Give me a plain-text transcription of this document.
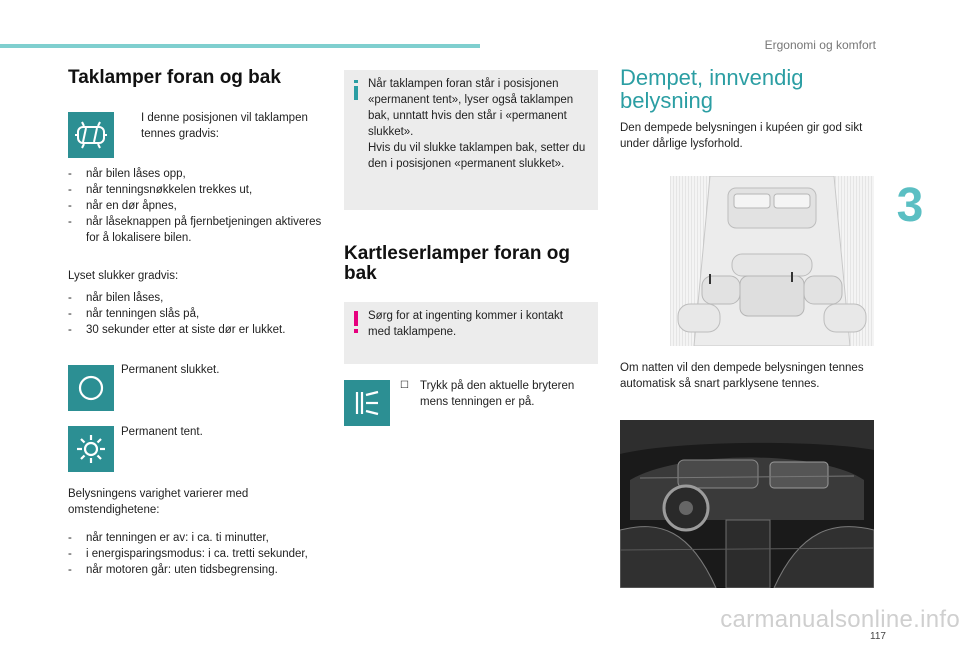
Ergonomi og komfort
3
Taklamper foran og bak
I denne posisjonen vil taklampen tennes gradvis:
- når bilen låses opp,
- når tenningsnøkkelen trekkes ut,
- når en dør åpnes,
- når låseknappen på fjernbetjeningen aktiveres for å lokalisere bilen.
Lyset slukker gradvis:
- når bilen låses,
- når tenningen slås på,
- 30 sekunder etter at siste dør er lukket.
Permanent slukket.
Permanent tent.
Belysningens varighet varierer med omstendighetene:
- når tenningen er av: i ca. ti minutter,
- i energisparingsmodus: i ca. tretti sekunder,
- når motoren går: uten tidsbegrensing.
Når taklampen foran står i posisjonen «permanent tent», lyser også taklampen bak, unntatt hvis den står i «permanent slukket».
Hvis du vil slukke taklampen bak, setter du den i posisjonen «permanent slukket».
Kartleserlamper foran og bak
Sørg for at ingenting kommer i kontakt med taklampene.
☐ Trykk på den aktuelle bryteren mens tenningen er på.
Dempet, innvendig belysning
Den dempede belysningen i kupéen gir god sikt under dårlige lysforhold.
Om natten vil den dempede belysningen tennes automatisk så snart parklysene tennes.
117
carmanualsonline.info
